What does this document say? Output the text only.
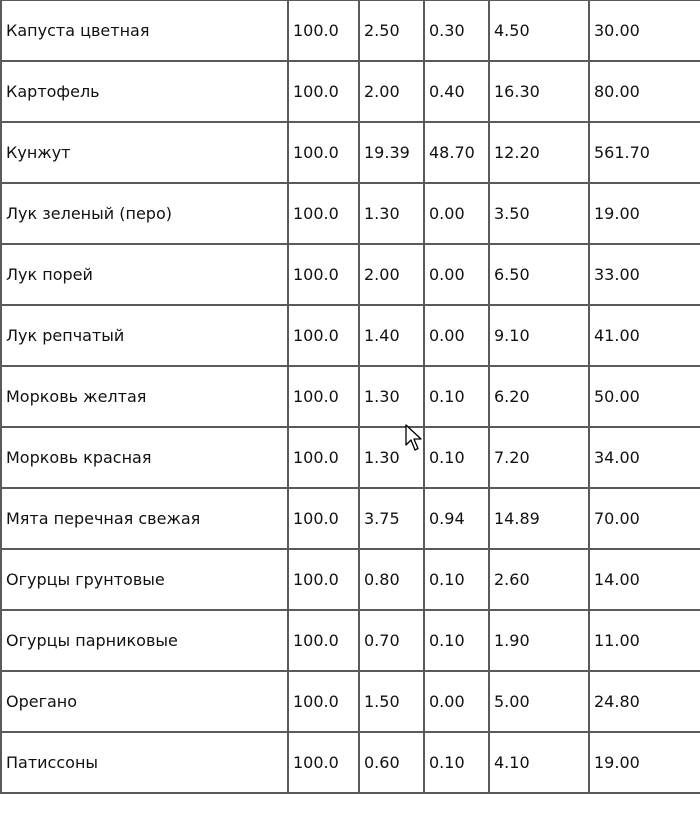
Капуста цветная	100.0	2.50	0.30	4.50	30.00
Картофель	100.0	2.00	0.40	16.30	80.00
Кунжут	100.0	19.39	48.70	12.20	561.70
Лук зеленый (перо)	100.0	1.30	0.00	3.50	19.00
Лук порей	100.0	2.00	0.00	6.50	33.00
Лук репчатый	100.0	1.40	0.00	9.10	41.00
Морковь желтая	100.0	1.30	0.10	6.20	50.00
Морковь красная	100.0	1.30	0.10	7.20	34.00
Мята перечная свежая	100.0	3.75	0.94	14.89	70.00
Огурцы грунтовые	100.0	0.80	0.10	2.60	14.00
Огурцы парниковые	100.0	0.70	0.10	1.90	11.00
Орегано	100.0	1.50	0.00	5.00	24.80
Патиссоны	100.0	0.60	0.10	4.10	19.00
